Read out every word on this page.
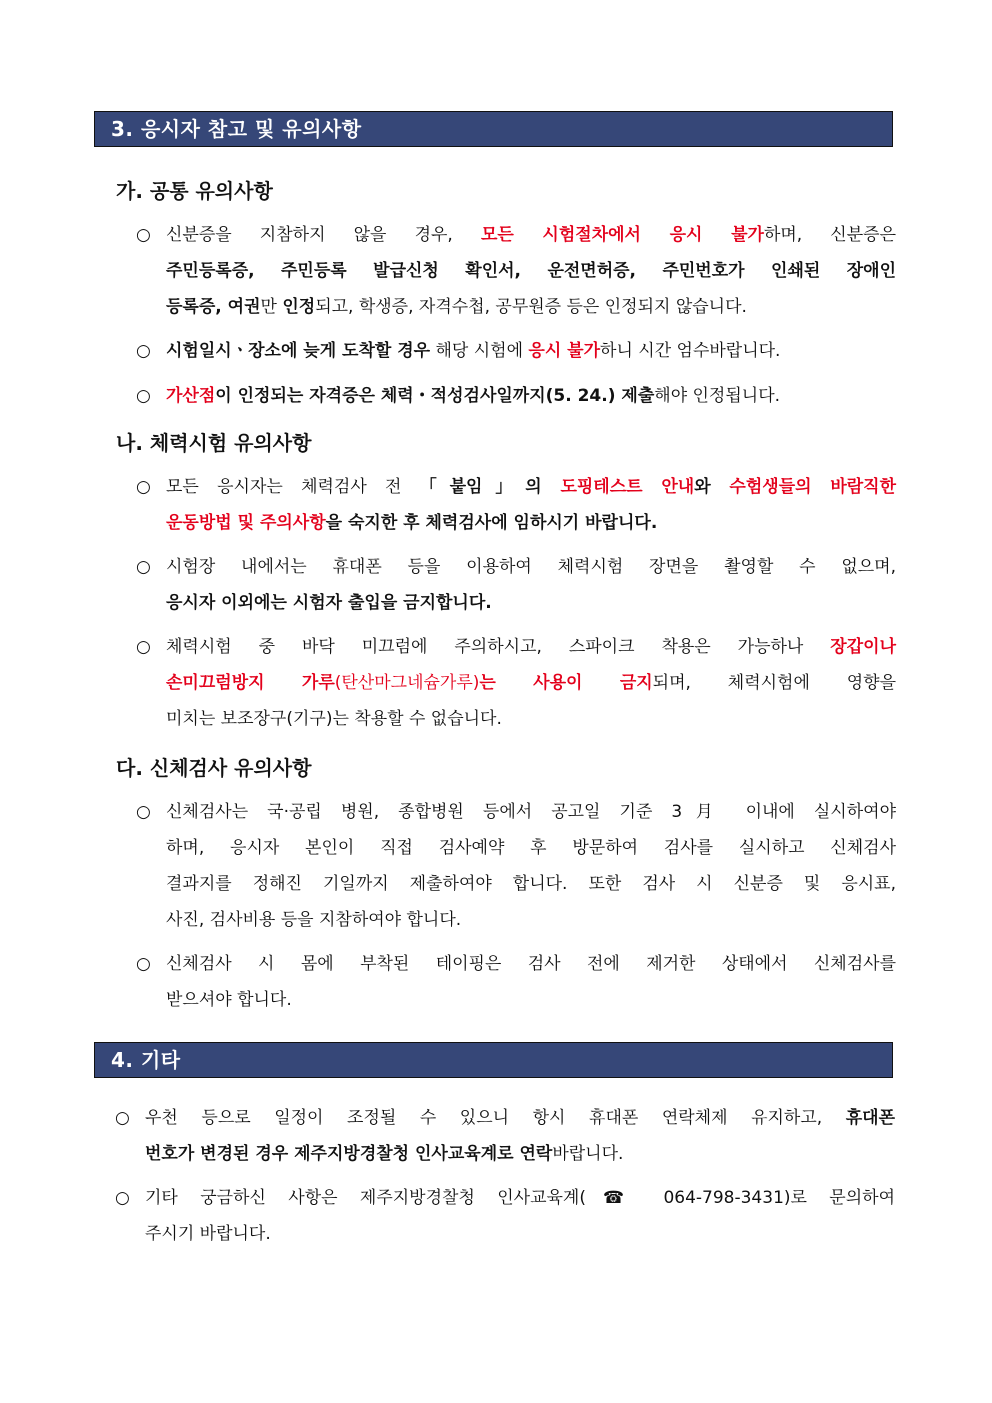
3. 응시자 참고 및 유의사항
가. 공통 유의사항
○ 신분증을 지참하지 않을 경우, 모든 시험절차에서 응시 불가하며, 신분증은
주민등록증, 주민등록 발급신청 확인서, 운전면허증, 주민번호가 인쇄된 장애인
등록증, 여권만 인정되고, 학생증, 자격수첩, 공무원증 등은 인정되지 않습니다.
○ 시험일시ㆍ장소에 늦게 도착할 경우 해당 시험에 응시 불가하니 시간 엄수바랍니다.
○ 가산점이 인정되는 자격증은 체력・적성검사일까지(5. 24.) 제출해야 인정됩니다.
나. 체력시험 유의사항
○ 모든 응시자는 체력검사 전 「붙임」의 도핑테스트 안내와 수험생들의 바람직한
운동방법 및 주의사항을 숙지한 후 체력검사에 임하시기 바랍니다.
○ 시험장 내에서는 휴대폰 등을 이용하여 체력시험 장면을 촬영할 수 없으며,
응시자 이외에는 시험자 출입을 금지합니다.
○ 체력시험 중 바닥 미끄럼에 주의하시고, 스파이크 착용은 가능하나 장갑이나
손미끄럼방지 가루(탄산마그네슘가루)는 사용이 금지되며, 체력시험에 영향을
미치는 보조장구(기구)는 착용할 수 없습니다.
다. 신체검사 유의사항
○ 신체검사는 국·공립 병원, 종합병원 등에서 공고일 기준 3月 이내에 실시하여야
하며, 응시자 본인이 직접 검사예약 후 방문하여 검사를 실시하고 신체검사
결과지를 정해진 기일까지 제출하여야 합니다. 또한 검사 시 신분증 및 응시표,
사진, 검사비용 등을 지참하여야 합니다.
○ 신체검사 시 몸에 부착된 테이핑은 검사 전에 제거한 상태에서 신체검사를
받으셔야 합니다.
4. 기타
○ 우천 등으로 일정이 조정될 수 있으니 항시 휴대폰 연락체제 유지하고, 휴대폰
번호가 변경된 경우 제주지방경찰청 인사교육계로 연락바랍니다.
○ 기타 궁금하신 사항은 제주지방경찰청 인사교육계(☎ 064-798-3431)로 문의하여
주시기 바랍니다.
